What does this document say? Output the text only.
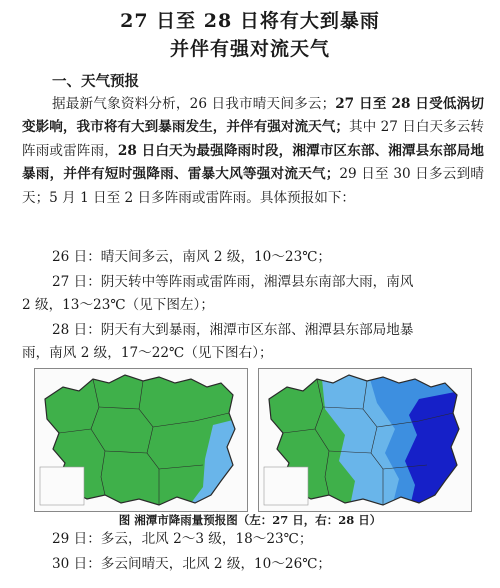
27 日至 28 日将有大到暴雨
并伴有强对流天气
一、天气预报
据最新气象资料分析，26 日我市晴天间多云；27 日至 28 日受低涡切变影响，我市将有大到暴雨发生，并伴有强对流天气；其中 27 日白天多云转阵雨或雷阵雨，28 日白天为最强降雨时段，湘潭市区东部、湘潭县东部局地暴雨，并伴有短时强降雨、雷暴大风等强对流天气；29 日至 30 日多云到晴天；5 月 1 日至 2 日多阵雨或雷阵雨。具体预报如下：
26 日：晴天间多云，南风 2 级，10～23℃；
27 日：阴天转中等阵雨或雷阵雨，湘潭县东南部大雨，南风
2 级，13～23℃（见下图左）；
28 日：阴天有大到暴雨，湘潭市区东部、湘潭县东部局地暴
雨，南风 2 级，17～22℃（见下图右）；
图 湘潭市降雨量预报图（左：27 日，右：28 日）
29 日：多云，北风 2～3 级，18～23℃；
30 日：多云间晴天，北风 2 级，10～26℃；
